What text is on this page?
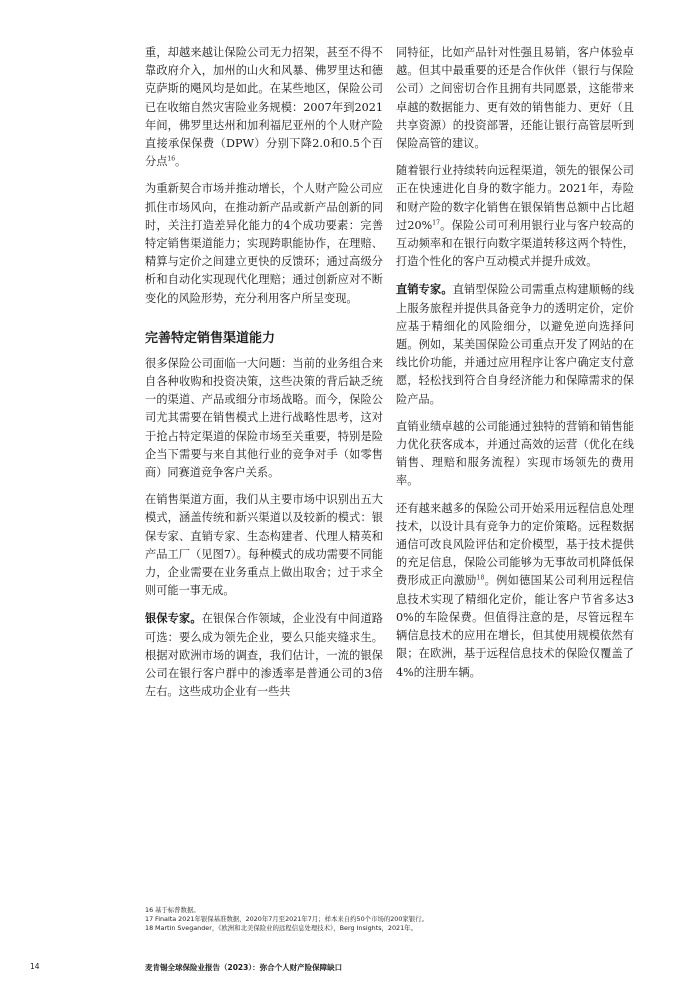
重，却越来越让保险公司无力招架，甚至不得不靠政府介入，加州的山火和风暴、佛罗里达和德克萨斯的飓风均是如此。在某些地区，保险公司已在收缩自然灾害险业务规模：2007年到2021年间，佛罗里达州和加利福尼亚州的个人财产险直接承保保费（DPW）分别下降2.0和0.5个百分点$^{16}$。

为重新契合市场并推动增长，个人财产险公司应抓住市场风向，在推动新产品或新产品创新的同时，关注打造差异化能力的4个成功要素：完善特定销售渠道能力；实现跨职能协作，在理赔、精算与定价之间建立更快的反馈环；通过高级分析和自动化实现现代化理赔；通过创新应对不断变化的风险形势，充分利用客户所呈变现。

完善特定销售渠道能力

很多保险公司面临一大问题：当前的业务组合来自各种收购和投资决策，这些决策的背后缺乏统一的渠道、产品或细分市场战略。而今，保险公司尤其需要在销售模式上进行战略性思考，这对于抢占特定渠道的保险市场至关重要，特别是险企当下需要与来自其他行业的竞争对手（如零售商）同赛道竞争客户关系。

在销售渠道方面，我们从主要市场中识别出五大模式，涵盖传统和新兴渠道以及较新的模式：银保专家、直销专家、生态构建者、代理人精英和产品工厂（见图7）。每种模式的成功需要不同能力，企业需要在业务重点上做出取舍；过于求全则可能一事无成。

银保专家。在银保合作领域，企业没有中间道路可选：要么成为领先企业，要么只能夹缝求生。根据对欧洲市场的调查，我们估计，一流的银保公司在银行客户群中的渗透率是普通公司的3倍左右。这些成功企业有一些共

同特征，比如产品针对性强且易销，客户体验卓越。但其中最重要的还是合作伙伴（银行与保险公司）之间密切合作且拥有共同愿景，这能带来卓越的数据能力、更有效的销售能力、更好（且共享资源）的投资部署，还能让银行高管层听到保险高管的建议。

随着银行业持续转向远程渠道，领先的银保公司正在快速进化自身的数字能力。2021年，寿险和财产险的数字化销售在银保销售总额中占比超过20%$^{17}$。保险公司可利用银行业与客户较高的互动频率和在银行向数字渠道转移这两个特性，打造个性化的客户互动模式并提升成效。

直销专家。直销型保险公司需重点构建顺畅的线上服务旅程并提供具备竞争力的透明定价，定价应基于精细化的风险细分，以避免逆向选择问题。例如，某美国保险公司重点开发了网站的在线比价功能，并通过应用程序让客户确定支付意愿，轻松找到符合自身经济能力和保障需求的保险产品。

直销业绩卓越的公司能通过独特的营销和销售能力优化获客成本，并通过高效的运营（优化在线销售、理赔和服务流程）实现市场领先的费用率。

还有越来越多的保险公司开始采用远程信息处理技术，以设计具有竞争力的定价策略。远程数据通信可改良风险评估和定价模型，基于技术提供的充足信息，保险公司能够为无事故司机降低保费形成正向激励$^{18}$。例如德国某公司利用远程信息技术实现了精细化定价，能让客户节省多达30%的车险保费。但值得注意的是，尽管远程车辆信息技术的应用在增长，但其使用规模依然有限；在欧洲，基于远程信息技术的保险仅覆盖了4%的注册车辆。

16 基于标普数据。
17 Finalta 2021年银保基准数据，2020年7月至2021年7月；样本来自约50个市场的200家银行。
18 Martin Svegander，《欧洲和北美保险业的远程信息处理技术》，Berg Insights，2021年。
14	麦肯锡全球保险业报告（2023）：弥合个人财产险保障缺口
